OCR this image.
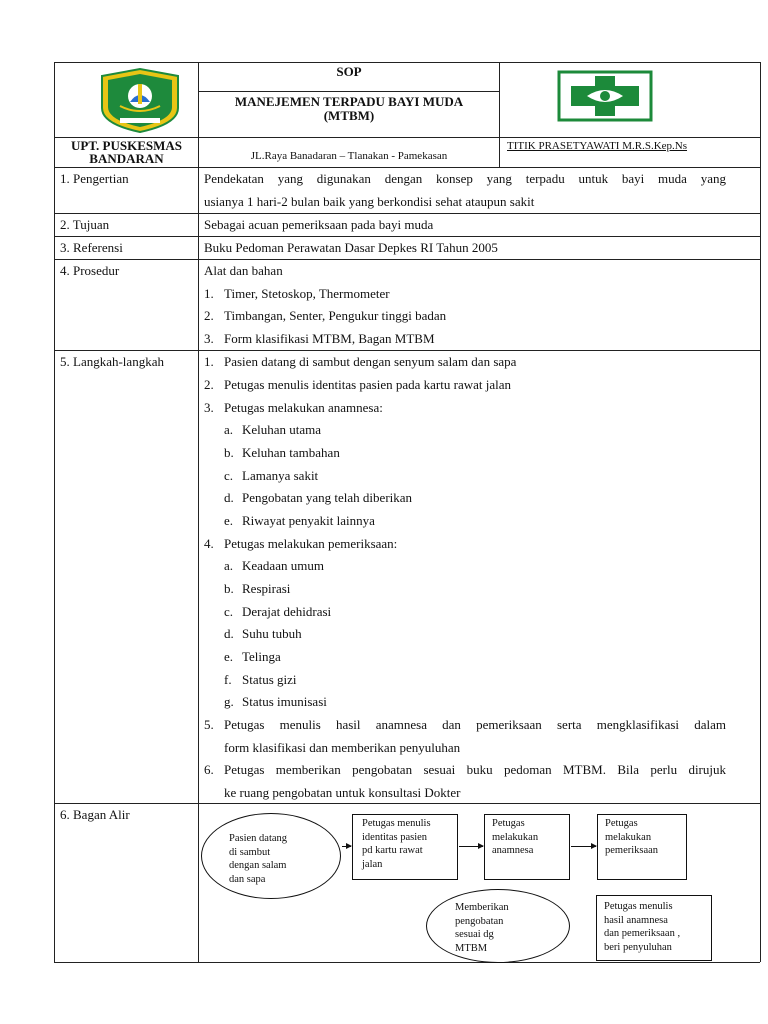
SOP
MANEJEMEN TERPADU BAYI MUDA
(MTBM)
UPT. PUSKESMAS
BANDARAN	JL.Raya Banadaran – Tlanakan - Pamekasan
TITIK PRASETYAWATI M.R.S.Kep.Ns
1. Pengertian	Pendekatan yang digunakan dengan konsep yang terpadu untuk bayi muda yang
usianya 1 hari-2 bulan baik yang berkondisi sehat ataupun sakit
2. Tujuan	Sebagai acuan pemeriksaan pada bayi muda
3. Referensi	Buku Pedoman Perawatan Dasar Depkes RI Tahun 2005
4. Prosedur	Alat dan bahan
1. Timer, Stetoskop, Thermometer
2. Timbangan, Senter, Pengukur tinggi badan
3. Form klasifikasi MTBM, Bagan MTBM
5. Langkah-langkah	1. Pasien datang di sambut dengan senyum salam dan sapa
2. Petugas menulis identitas pasien pada kartu rawat jalan
3. Petugas melakukan anamnesa:
a. Keluhan utama
b. Keluhan tambahan
c. Lamanya sakit
d. Pengobatan yang telah diberikan
e. Riwayat penyakit lainnya
4. Petugas melakukan pemeriksaan:
a. Keadaan umum
b. Respirasi
c. Derajat dehidrasi
d. Suhu tubuh
e. Telinga
f. Status gizi
g. Status imunisasi
5. Petugas menulis hasil anamnesa dan pemeriksaan serta mengklasifikasi dalam
form klasifikasi dan memberikan penyuluhan
6. Petugas memberikan pengobatan sesuai buku pedoman MTBM. Bila perlu dirujuk
ke ruang pengobatan untuk konsultasi Dokter
6. Bagan Alir
Pasien datang
di sambut
dengan salam
dan sapa
Petugas menulis
identitas pasien
pd kartu rawat
jalan
Petugas
melakukan
anamnesa
Petugas
melakukan
pemeriksaan
Petugas menulis
hasil anamnesa
dan pemeriksaan ,
beri penyuluhan
Memberikan
pengobatan
sesuai dg
MTBM
